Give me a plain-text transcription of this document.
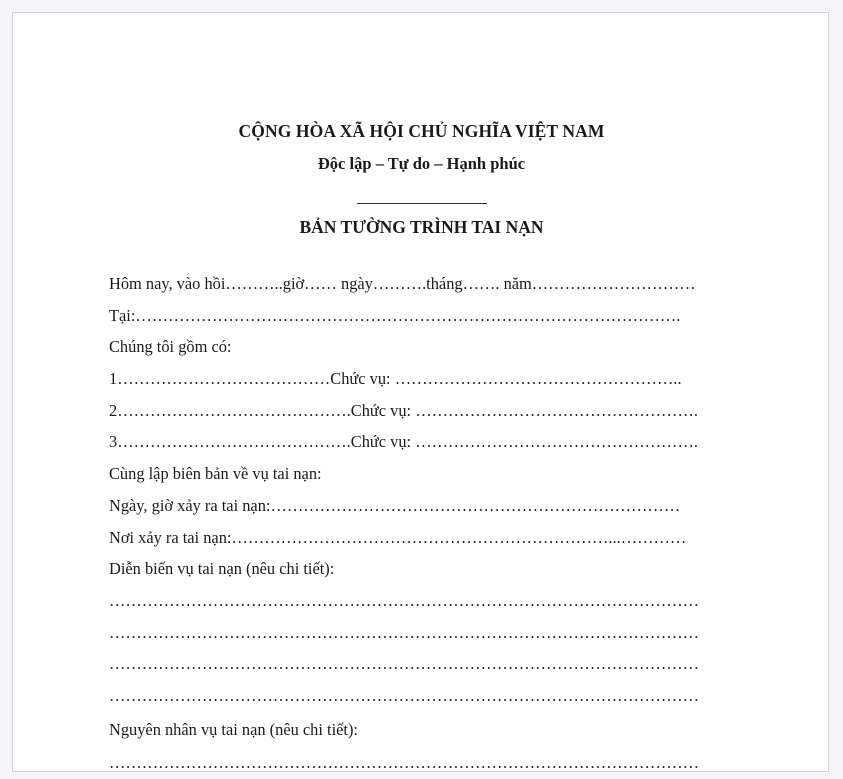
CỘNG HÒA XÃ HỘI CHỦ NGHĨA VIỆT NAM
Độc lập – Tự do – Hạnh phúc
BẢN TƯỜNG TRÌNH TAI NẠN
Hôm nay, vào hồi………..giờ…… ngày……….tháng……. năm…………………………
Tại:……………………………………………………………………………………….
Chúng tôi gồm có:
1…………………………………Chức vụ: ……………………………………………..
2…………………………………….Chức vụ: …………………………………………….
3…………………………………….Chức vụ: …………………………………………….
Cùng lập biên bản về vụ tai nạn:
Ngày, giờ xảy ra tai nạn:…………………………………………………………………
Nơi xảy ra tai nạn:……………………………………………………………...…………
Diễn biến vụ tai nạn (nêu chi tiết):
………………………………………………………………………………………………
………………………………………………………………………………………………
………………………………………………………………………………………………
………………………………………………………………………………………………
Nguyên nhân vụ tai nạn (nêu chi tiết):
………………………………………………………………………………………………
